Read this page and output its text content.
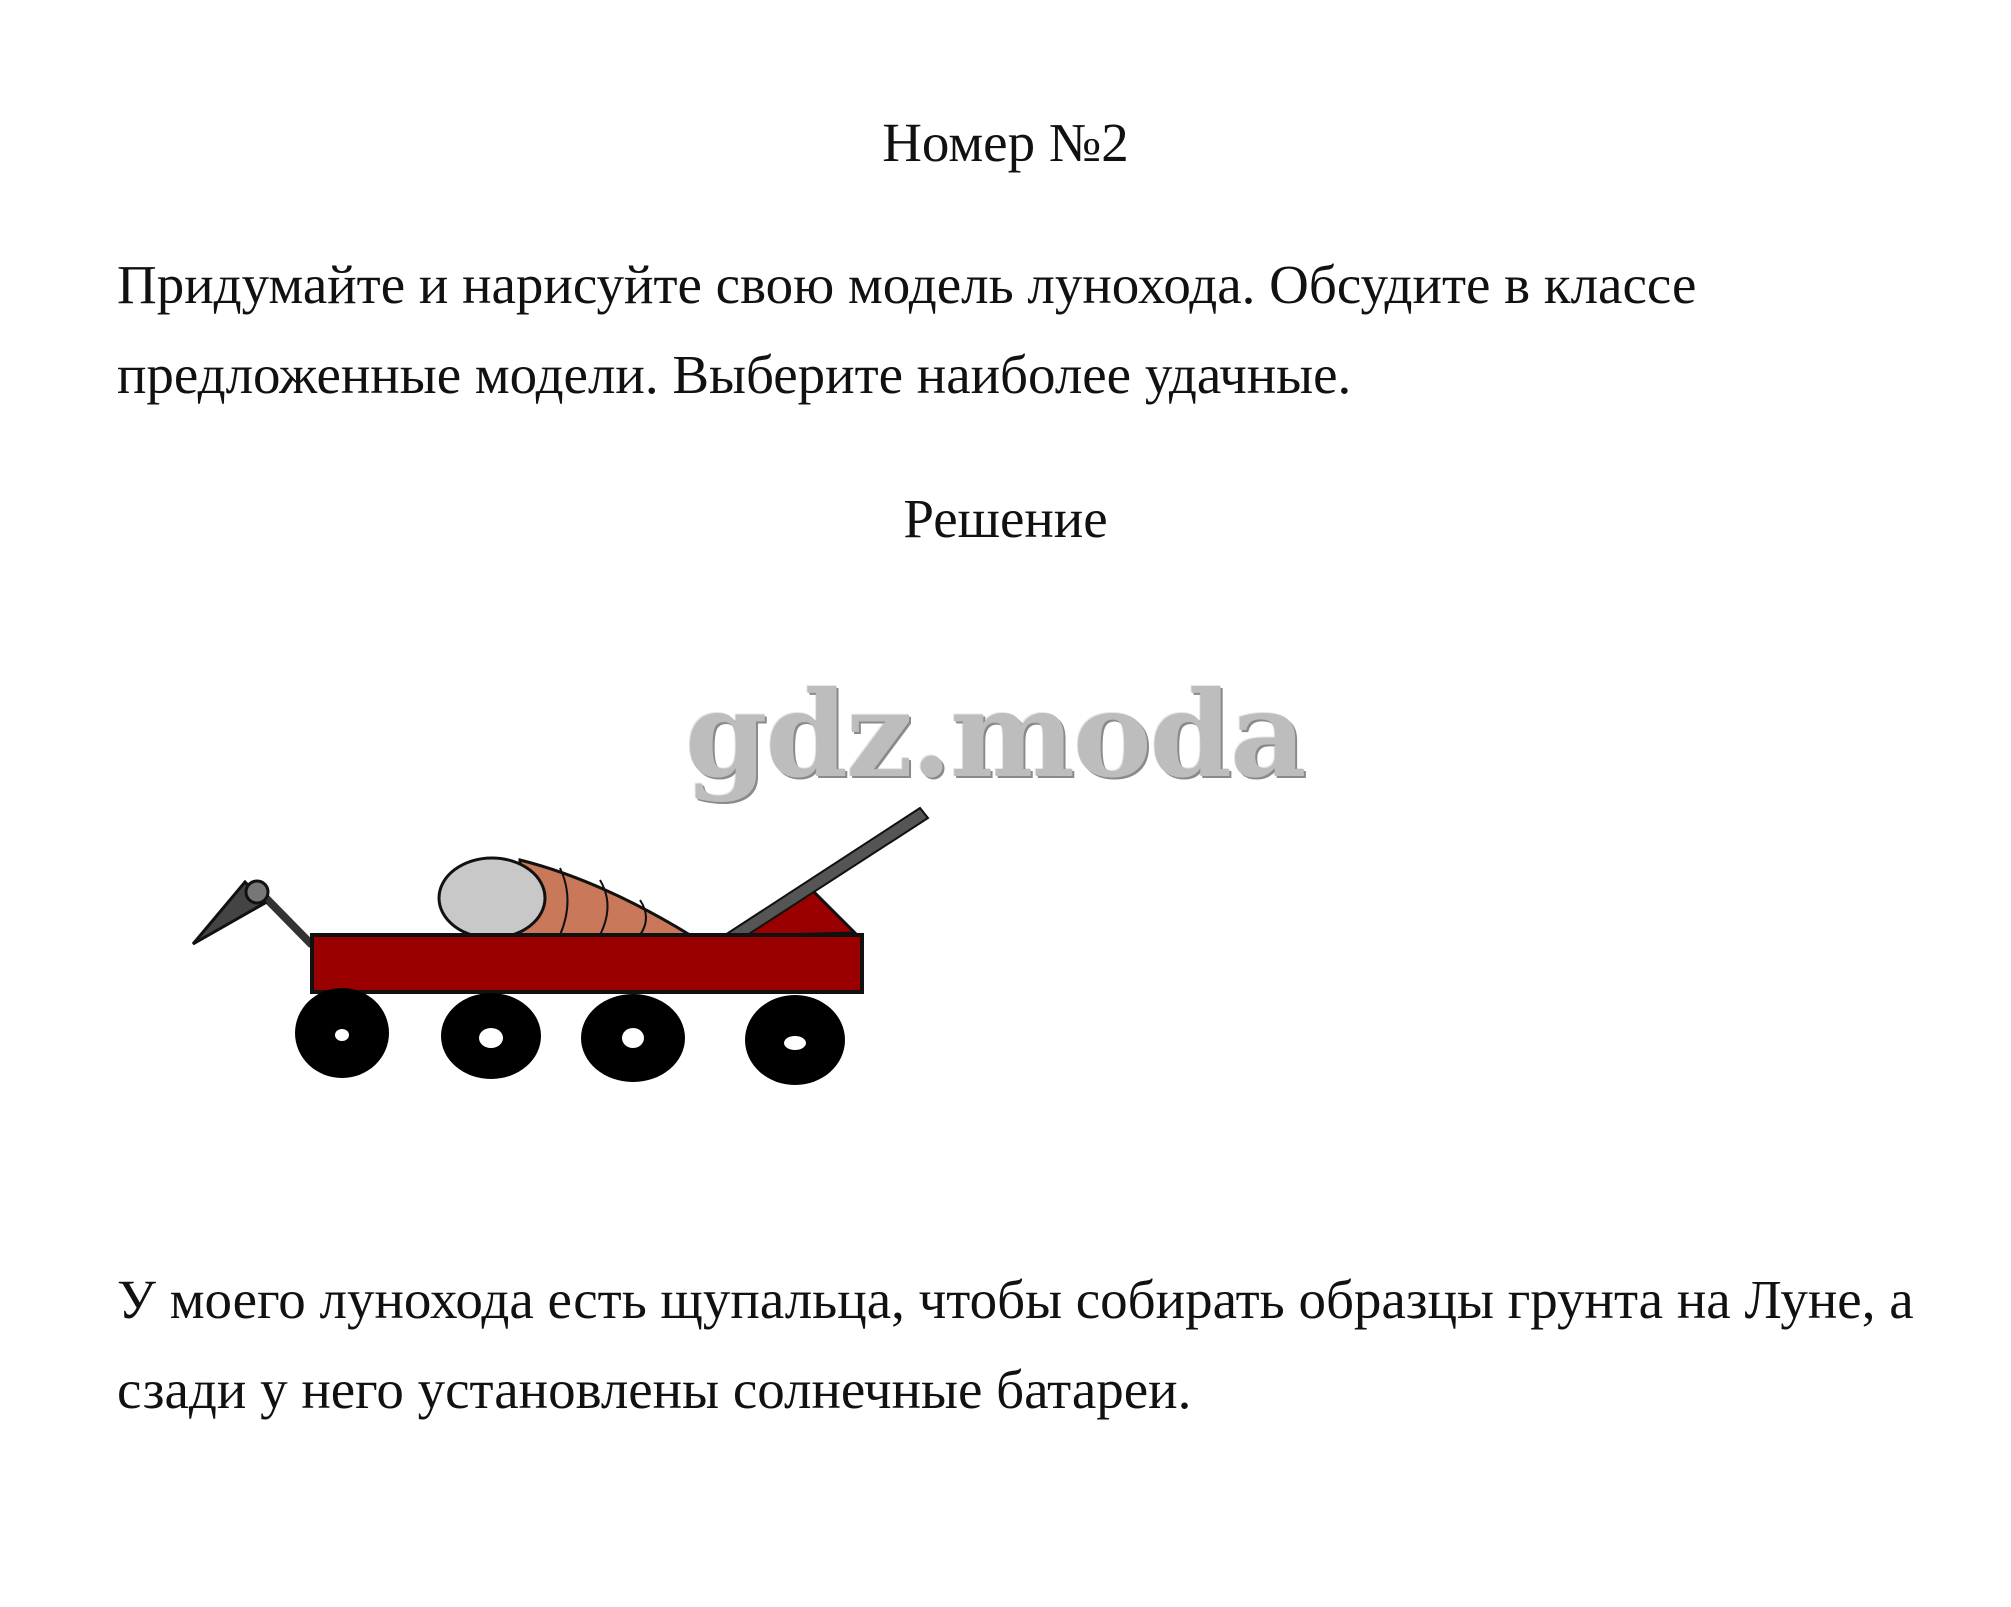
Номер №2

Придумайте и нарисуйте свою модель лунохода. Обсудите в классе предложенные модели. Выберите наиболее удачные.

Решение
gdz.moda

У моего лунохода есть щупальца, чтобы собирать образцы грунта на Луне, а сзади у него установлены солнечные батареи.
